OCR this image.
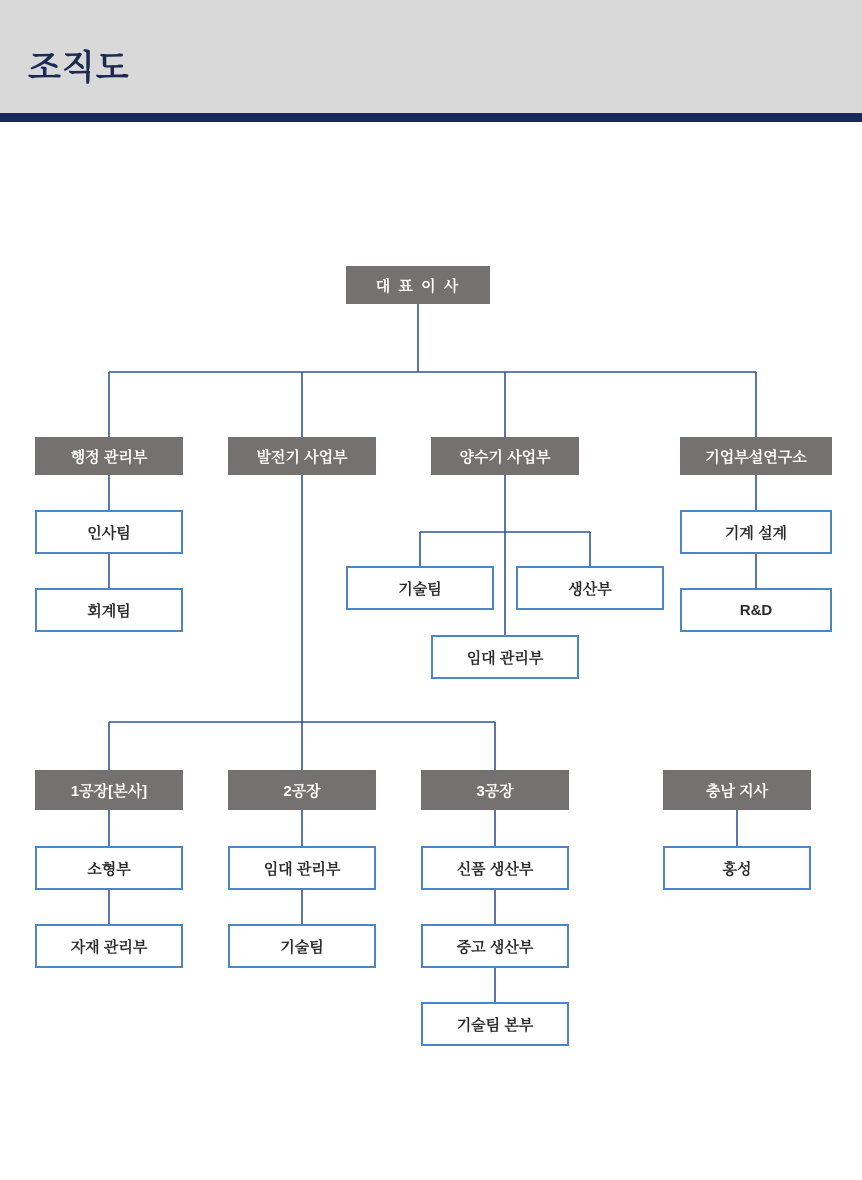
조직도
대 표 이 사
행정 관리부	발전기 사업부	양수기 사업부	기업부설연구소
인사팀
회계팀
기술팀	생산부
임대 관리부
기계 설계
R&D
1공장[본사]	2공장	3공장	충남 지사
소형부
자재 관리부
임대 관리부
기술팀
신품 생산부
중고 생산부
기술팀 본부
홍성
